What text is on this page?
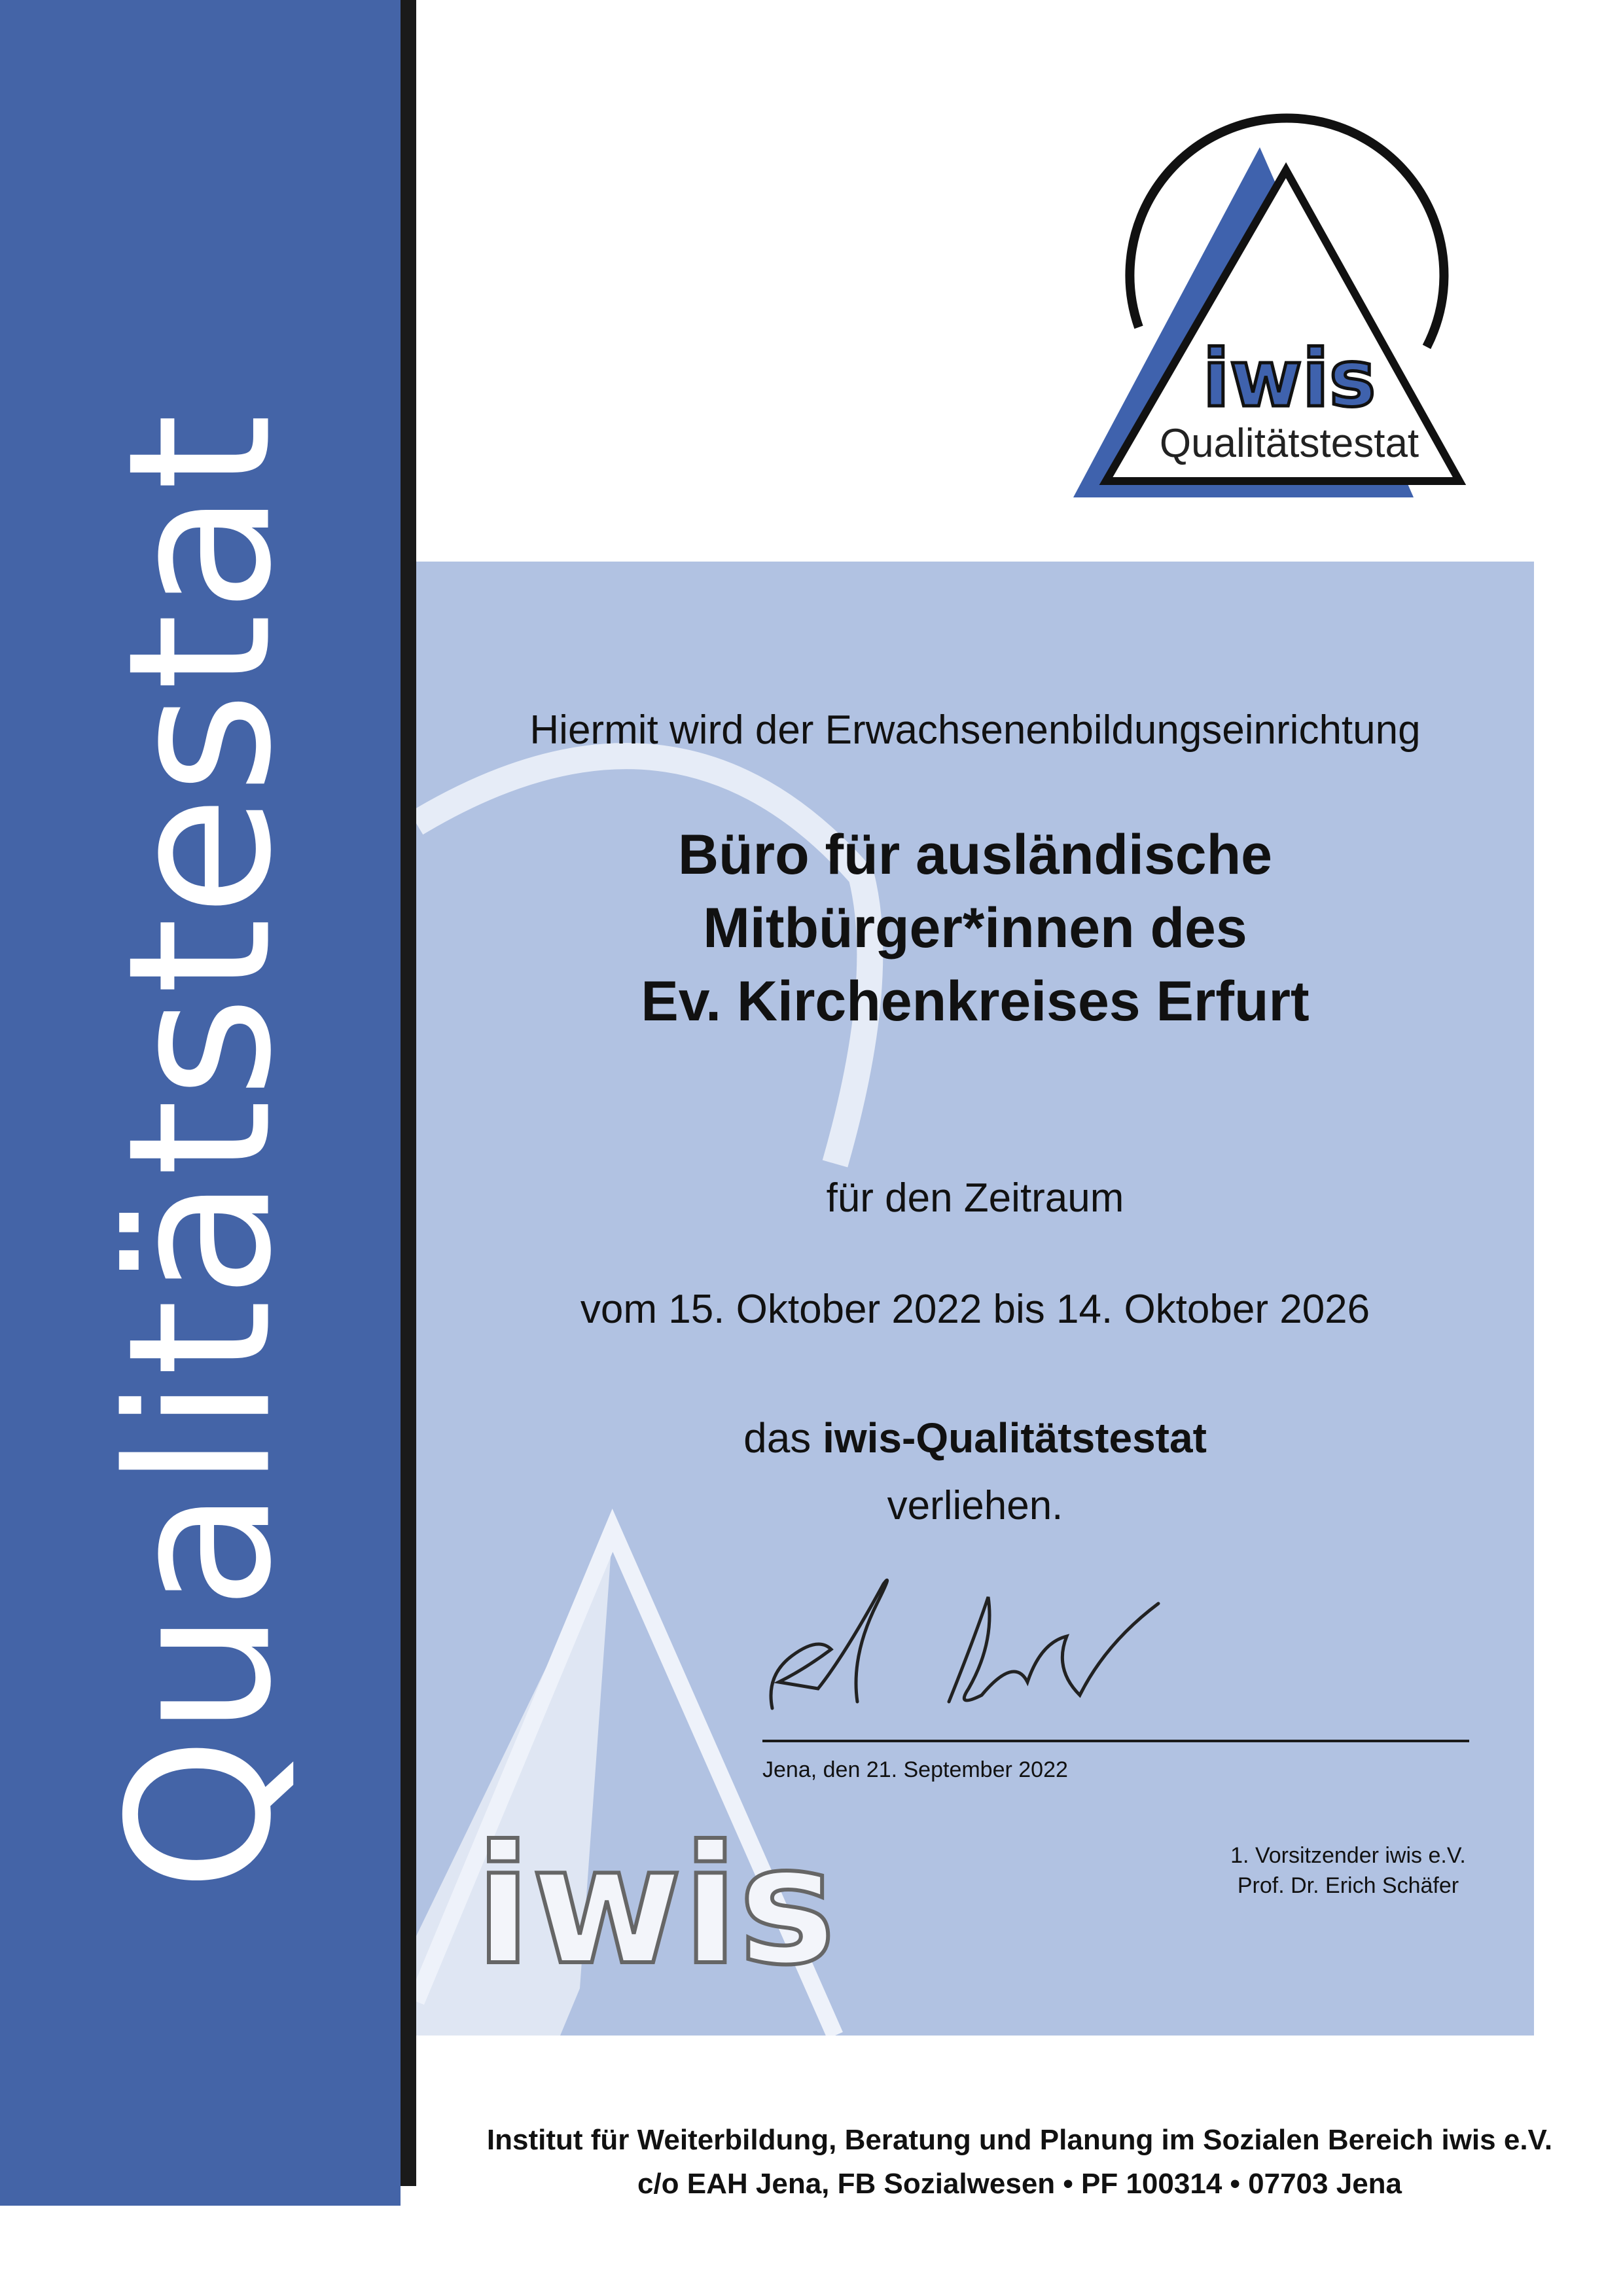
Qualitätstestat
iwis
Qualitätstestat
iwis
Hiermit wird der Erwachsenenbildungseinrichtung
Büro für ausländische
Mitbürger*innen des
Ev. Kirchenkreises Erfurt
für den Zeitraum
vom 15. Oktober 2022 bis 14. Oktober 2026
das iwis-Qualitätstestat
verliehen.
Jena, den 21. September 2022
1. Vorsitzender iwis e.V.
Prof. Dr. Erich Schäfer
Institut für Weiterbildung, Beratung und Planung im Sozialen Bereich iwis e.V.
c/o EAH Jena, FB Sozialwesen • PF 100314 • 07703 Jena
